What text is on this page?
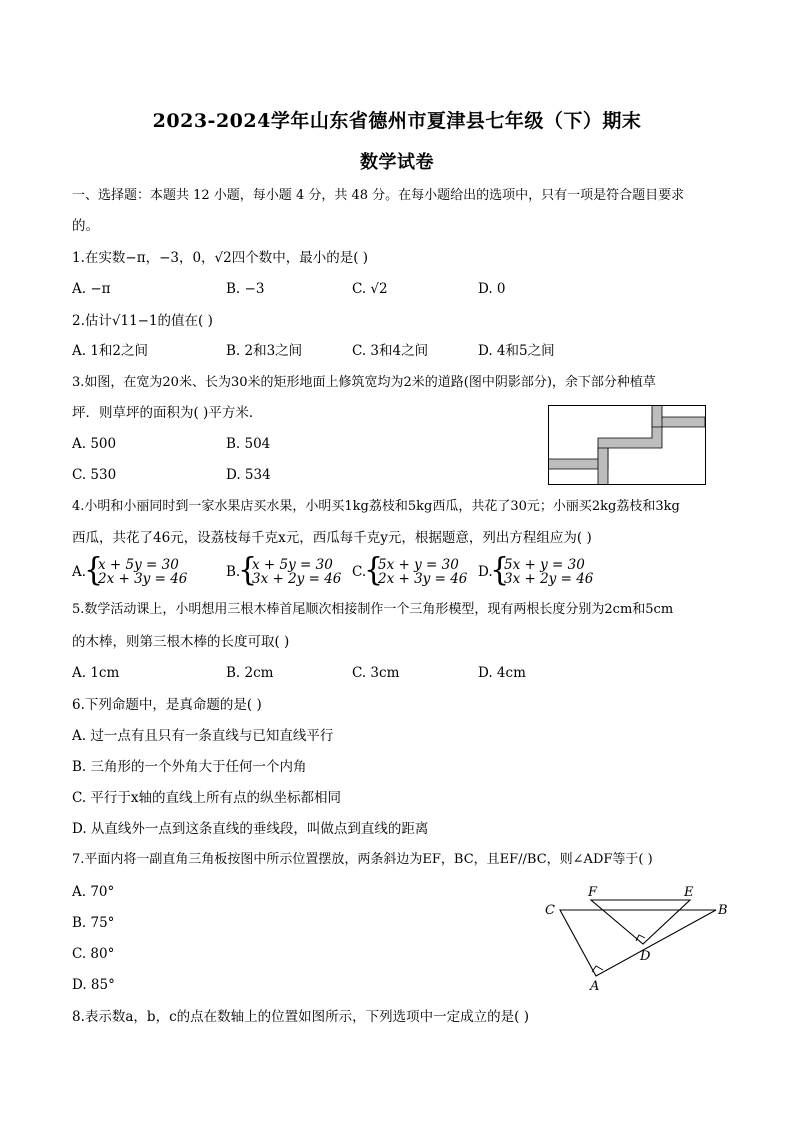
2023-2024学年山东省德州市夏津县七年级（下）期末
数学试卷
一、选择题：本题共 12 小题，每小题 4 分，共 48 分。在每小题给出的选项中，只有一项是符合题目要求
的。
1.在实数−π，−3，0，√2四个数中，最小的是( )
A. −π	B. −3	C. √2	D. 0
2.估计√11−1的值在( )
A. 1和2之间	B. 2和3之间	C. 3和4之间	D. 4和5之间
3.如图，在宽为20米、长为30米的矩形地面上修筑宽均为2米的道路(图中阴影部分)，余下部分种植草
坪．则草坪的面积为( )平方米．
A. 500	B. 504
C. 530	D. 534
4.小明和小丽同时到一家水果店买水果，小明买1kg荔枝和5kg西瓜，共花了30元；小丽买2kg荔枝和3kg
西瓜，共花了46元，设荔枝每千克x元，西瓜每千克y元，根据题意，列出方程组应为( )
A.
{
x + 5y = 30
2x + 3y = 46	B.
{
x + 5y = 30
3x + 2y = 46 C.
{
5x + y = 30
2x + 3y = 46 D.
{
5x + y = 30
3x + 2y = 46
5.数学活动课上，小明想用三根木棒首尾顺次相接制作一个三角形模型，现有两根长度分别为2cm和5cm
的木棒，则第三根木棒的长度可取( )
A. 1cm	B. 2cm	C. 3cm	D. 4cm
6.下列命题中，是真命题的是( )
A. 过一点有且只有一条直线与已知直线平行
B. 三角形的一个外角大于任何一个内角
C. 平行于x轴的直线上所有点的纵坐标都相同
D. 从直线外一点到这条直线的垂线段，叫做点到直线的距离
7.平面内将一副直角三角板按图中所示位置摆放，两条斜边为EF，BC，且EF//BC，则∠ADF等于( )
A. 70°
B. 75°
C. 80°
D. 85°
F	E
C	B
D
A
8.表示数a，b，c的点在数轴上的位置如图所示，下列选项中一定成立的是( )
